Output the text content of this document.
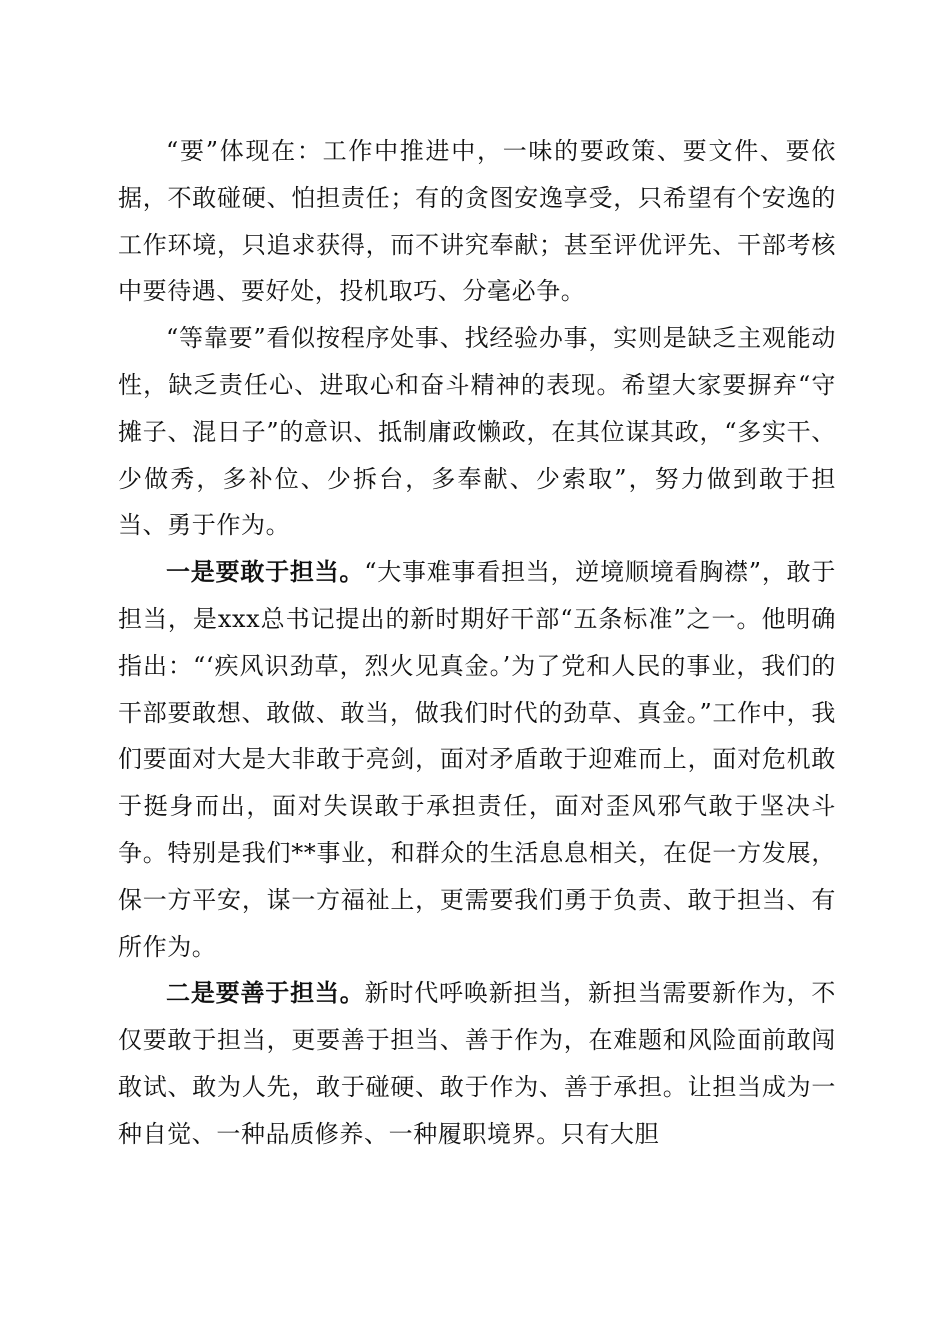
“要”体现在：工作中推进中，一味的要政策、要文件、要依据，不敢碰硬、怕担责任；有的贪图安逸享受，只希望有个安逸的工作环境，只追求获得，而不讲究奉献；甚至评优评先、干部考核中要待遇、要好处，投机取巧、分毫必争。

“等靠要”看似按程序处事、找经验办事，实则是缺乏主观能动性，缺乏责任心、进取心和奋斗精神的表现。希望大家要摒弃“守摊子、混日子”的意识、抵制庸政懒政，在其位谋其政，“多实干、少做秀，多补位、少拆台，多奉献、少索取”，努力做到敢于担当、勇于作为。

一是要敢于担当。“大事难事看担当，逆境顺境看胸襟”，敢于担当，是xxx总书记提出的新时期好干部“五条标准”之一。他明确指出：“‘疾风识劲草，烈火见真金。’为了党和人民的事业，我们的干部要敢想、敢做、敢当，做我们时代的劲草、真金。”工作中，我们要面对大是大非敢于亮剑，面对矛盾敢于迎难而上，面对危机敢于挺身而出，面对失误敢于承担责任，面对歪风邪气敢于坚决斗争。特别是我们**事业，和群众的生活息息相关，在促一方发展，保一方平安，谋一方福祉上，更需要我们勇于负责、敢于担当、有所作为。

二是要善于担当。新时代呼唤新担当，新担当需要新作为，不仅要敢于担当，更要善于担当、善于作为，在难题和风险面前敢闯敢试、敢为人先，敢于碰硬、敢于作为、善于承担。让担当成为一种自觉、一种品质修养、一种履职境界。只有大胆
